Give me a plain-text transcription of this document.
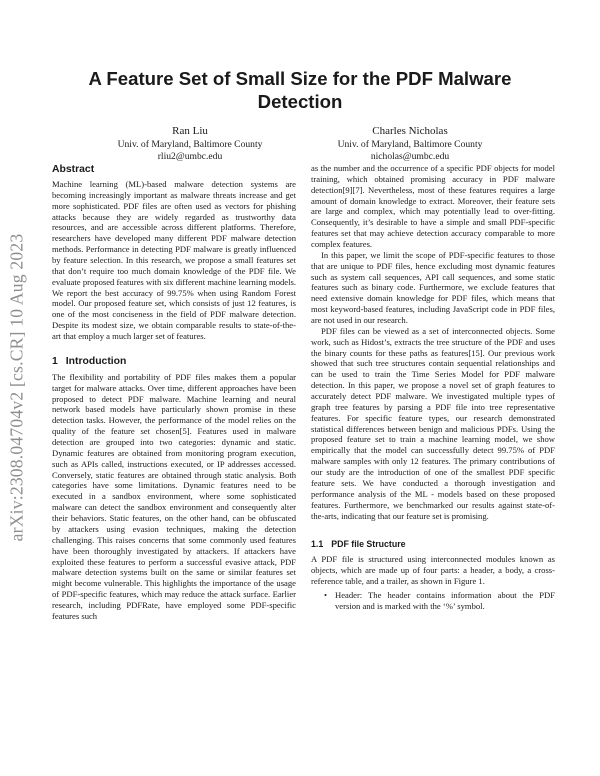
arXiv:2308.04704v2 [cs.CR] 10 Aug 2023
A Feature Set of Small Size for the PDF Malware Detection
Ran Liu
Univ. of Maryland, Baltimore County
rliu2@umbc.edu
Charles Nicholas
Univ. of Maryland, Baltimore County
nicholas@umbc.edu
Abstract

Machine learning (ML)-based malware detection systems are becoming increasingly important as malware threats increase and get more sophisticated. PDF files are often used as vectors for phishing attacks because they are widely regarded as trustworthy data resources, and are accessible across different platforms. Therefore, researchers have developed many different PDF malware detection methods. Performance in detecting PDF malware is greatly influenced by feature selection. In this research, we propose a small features set that don’t require too much domain knowledge of the PDF file. We evaluate proposed features with six different machine learning models. We report the best accuracy of 99.75% when using Random Forest model. Our proposed feature set, which consists of just 12 features, is one of the most conciseness in the field of PDF malware detection. Despite its modest size, we obtain comparable results to state-of-the-art that employ a much larger set of features.

1 Introduction

The flexibility and portability of PDF files makes them a popular target for malware attacks. Over time, different approaches have been proposed to detect PDF malware. Machine learning and neural network based models have particularly shown promise in these detection tasks. However, the performance of the model relies on the quality of the feature set chosen[5]. Features used in malware detection are grouped into two categories: dynamic and static. Dynamic features are obtained from monitoring program execution, such as APIs called, instructions executed, or IP addresses accessed. Conversely, static features are obtained through static analysis. Both categories have some limitations. Dynamic features need to be executed in a sandbox environment, where some sophisticated malware can detect the sandbox environment and consequently alter their behaviors. Static features, on the other hand, can be obfuscated by attackers using evasion techniques, making the detection challenging. This raises concerns that some commonly used features have been thoroughly investigated by attackers. If attackers have exploited these features to perform a successful evasive attack, PDF malware detection systems built on the same or similar features set might become vulnerable. This highlights the importance of the usage of PDF-specific features, which may reduce the attack surface. Earlier research, including PDFRate, have employed some PDF-specific features such

as the number and the occurrence of a specific PDF objects for model training, which obtained promising accuracy in PDF malware detection[9][7]. Nevertheless, most of these features requires a large amount of domain knowledge to extract. Moreover, their feature sets are large and complex, which may potentially lead to over-fitting. Consequently, it’s desirable to have a simple and small PDF-specific features set that may achieve detection accuracy comparable to more complex features.

In this paper, we limit the scope of PDF-specific features to those that are unique to PDF files, hence excluding most dynamic features such as system call sequences, API call sequences, and some static features such as binary code. Furthermore, we exclude features that need extensive domain knowledge for PDF files, which means that most keyword-based features, including JavaScript code in PDF files, are not used in our research.

PDF files can be viewed as a set of interconnected objects. Some work, such as Hidost’s, extracts the tree structure of the PDF and uses the binary counts for these paths as features[15]. Our previous work showed that such tree structures contain sequential relationships and can be used to train the Time Series Model for PDF malware detection. In this paper, we propose a novel set of graph features to accurately detect PDF malware. We investigated multiple types of graph tree features by parsing a PDF file into tree representative features. For specific feature types, our research demonstrated statistical differences between benign and malicious PDFs. Using the proposed feature set to train a machine learning model, we show empirically that the model can successfully detect 99.75% of PDF malware samples with only 12 features. The primary contributions of our study are the introduction of one of the smallest PDF specific feature sets. We have conducted a thorough investigation and performance analysis of the ML - models based on these proposed features. Furthermore, we benchmarked our results against state-of-the-arts, indicating that our feature set is promising.

1.1 PDF file Structure

A PDF file is structured using interconnected modules known as objects, which are made up of four parts: a header, a body, a cross-reference table, and a trailer, as shown in Figure 1.

• Header: The header contains information about the PDF version and is marked with the ‘%’ symbol.
